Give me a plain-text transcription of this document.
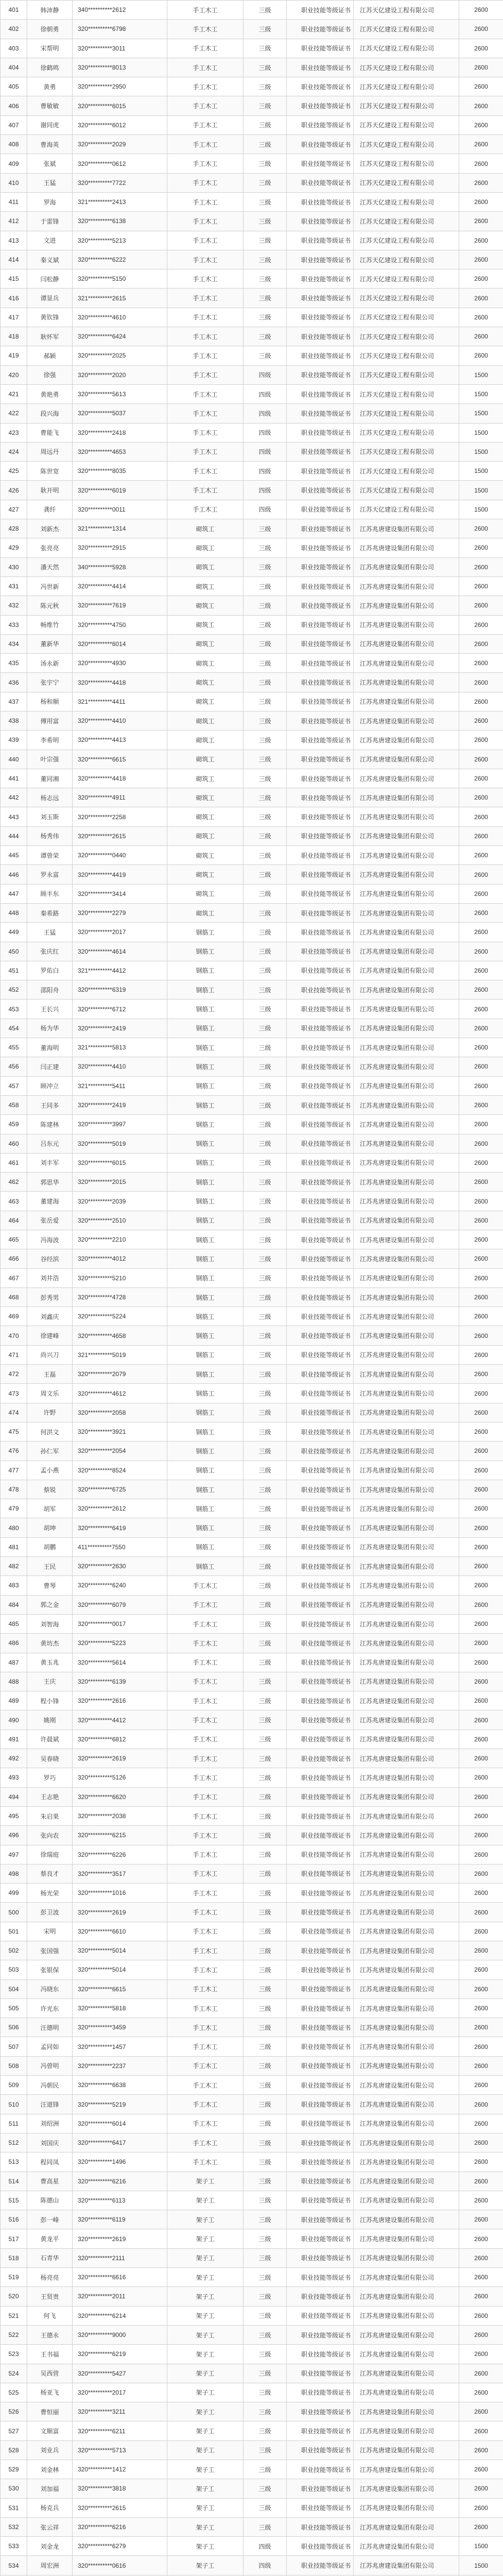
401	韩沛静	340**********2612	手工木工	三级	职业技能等级证书	江苏天亿建设工程有限公司	2600
402	徐朝勇	320**********6798	手工木工	三级	职业技能等级证书	江苏天亿建设工程有限公司	2600
403	宋帮明	320**********3011	手工木工	三级	职业技能等级证书	江苏天亿建设工程有限公司	2600
404	徐鹤鸣	320**********8013	手工木工	三级	职业技能等级证书	江苏天亿建设工程有限公司	2600
405	黄勇	320**********2950	手工木工	三级	职业技能等级证书	江苏天亿建设工程有限公司	2600
406	曹敏敏	320**********6015	手工木工	三级	职业技能等级证书	江苏天亿建设工程有限公司	2600
407	谢同虎	320**********6012	手工木工	三级	职业技能等级证书	江苏天亿建设工程有限公司	2600
408	曹海英	320**********2029	手工木工	三级	职业技能等级证书	江苏天亿建设工程有限公司	2600
409	张斌	320**********0612	手工木工	三级	职业技能等级证书	江苏天亿建设工程有限公司	2600
410	王猛	320**********7722	手工木工	三级	职业技能等级证书	江苏天亿建设工程有限公司	2600
411	罗海	321**********2413	手工木工	三级	职业技能等级证书	江苏天亿建设工程有限公司	2600
412	于雷锋	320**********6138	手工木工	三级	职业技能等级证书	江苏天亿建设工程有限公司	2600
413	文进	320**********5213	手工木工	三级	职业技能等级证书	江苏天亿建设工程有限公司	2600
414	秦义斌	320**********6222	手工木工	三级	职业技能等级证书	江苏天亿建设工程有限公司	2600
415	闫松静	320**********5150	手工木工	三级	职业技能等级证书	江苏天亿建设工程有限公司	2600
416	谭显兵	321**********2615	手工木工	三级	职业技能等级证书	江苏天亿建设工程有限公司	2600
417	黄钦锋	320**********4610	手工木工	三级	职业技能等级证书	江苏天亿建设工程有限公司	2600
418	耿怀军	320**********6424	手工木工	三级	职业技能等级证书	江苏天亿建设工程有限公司	2600
419	郝颖	320**********2025	手工木工	三级	职业技能等级证书	江苏天亿建设工程有限公司	2600
420	徐强	320**********2020	手工木工	四级	职业技能等级证书	江苏天亿建设工程有限公司	1500
421	黄艳勇	320**********5613	手工木工	四级	职业技能等级证书	江苏天亿建设工程有限公司	1500
422	段兴海	320**********5037	手工木工	四级	职业技能等级证书	江苏天亿建设工程有限公司	1500
423	曹能飞	320**********2418	手工木工	四级	职业技能等级证书	江苏天亿建设工程有限公司	1500
424	周远丹	320**********4653	手工木工	四级	职业技能等级证书	江苏天亿建设工程有限公司	1500
425	陈世宽	320**********8035	手工木工	四级	职业技能等级证书	江苏天亿建设工程有限公司	1500
426	耿开明	320**********6019	手工木工	四级	职业技能等级证书	江苏天亿建设工程有限公司	1500
427	龚纤	320**********0011	手工木工	四级	职业技能等级证书	江苏天亿建设工程有限公司	1500
428	刘新杰	321**********1314	砌筑工	三级	职业技能等级证书	江苏兆唐建设集团有限公司	2600
429	张亮亮	320**********2915	砌筑工	三级	职业技能等级证书	江苏兆唐建设集团有限公司	2600
430	潘天然	340**********5928	砌筑工	三级	职业技能等级证书	江苏兆唐建设集团有限公司	2600
431	冯世新	320**********4414	砌筑工	三级	职业技能等级证书	江苏兆唐建设集团有限公司	2600
432	陈元秋	320**********7619	砌筑工	三级	职业技能等级证书	江苏兆唐建设集团有限公司	2600
433	畅维竹	320**********4750	砌筑工	三级	职业技能等级证书	江苏兆唐建设集团有限公司	2600
434	董新华	320**********6014	砌筑工	三级	职业技能等级证书	江苏兆唐建设集团有限公司	2600
435	汤永新	320**********4930	砌筑工	三级	职业技能等级证书	江苏兆唐建设集团有限公司	2600
436	张宇宁	320**********4418	砌筑工	三级	职业技能等级证书	江苏兆唐建设集团有限公司	2600
437	杨和顺	321**********4411	砌筑工	三级	职业技能等级证书	江苏兆唐建设集团有限公司	2600
438	傅用富	320**********4410	砌筑工	三级	职业技能等级证书	江苏兆唐建设集团有限公司	2600
439	李希明	320**********4413	砌筑工	三级	职业技能等级证书	江苏兆唐建设集团有限公司	2600
440	叶宗强	320**********6615	砌筑工	三级	职业技能等级证书	江苏兆唐建设集团有限公司	2600
441	董同湘	320**********4418	砌筑工	三级	职业技能等级证书	江苏兆唐建设集团有限公司	2600
442	杨志远	320**********4911	砌筑工	三级	职业技能等级证书	江苏兆唐建设集团有限公司	2600
443	刘玉斯	320**********2258	砌筑工	三级	职业技能等级证书	江苏兆唐建设集团有限公司	2600
444	杨秀伟	320**********2615	砌筑工	三级	职业技能等级证书	江苏兆唐建设集团有限公司	2600
445	谭曾荣	320**********0440	砌筑工	三级	职业技能等级证书	江苏兆唐建设集团有限公司	2600
446	罗永富	320**********4419	砌筑工	三级	职业技能等级证书	江苏兆唐建设集团有限公司	2600
447	顾丰东	320**********3414	砌筑工	三级	职业技能等级证书	江苏兆唐建设集团有限公司	2600
448	秦希路	320**********2279	砌筑工	三级	职业技能等级证书	江苏兆唐建设集团有限公司	2600
449	王猛	320**********2017	钢筋工	三级	职业技能等级证书	江苏兆唐建设集团有限公司	2600
450	张庆红	320**********4614	钢筋工	三级	职业技能等级证书	江苏兆唐建设集团有限公司	2600
451	罗佑白	321**********4412	钢筋工	三级	职业技能等级证书	江苏兆唐建设集团有限公司	2600
452	邵阳舟	320**********6319	钢筋工	三级	职业技能等级证书	江苏兆唐建设集团有限公司	2600
453	王长兴	320**********6712	钢筋工	三级	职业技能等级证书	江苏兆唐建设集团有限公司	2600
454	杨为华	320**********2419	钢筋工	三级	职业技能等级证书	江苏兆唐建设集团有限公司	2600
455	董海明	321**********5813	钢筋工	三级	职业技能等级证书	江苏兆唐建设集团有限公司	2600
456	闫正建	320**********4410	钢筋工	三级	职业技能等级证书	江苏兆唐建设集团有限公司	2600
457	顾冲立	321**********5411	钢筋工	三级	职业技能等级证书	江苏兆唐建设集团有限公司	2600
458	王同多	320**********2419	钢筋工	三级	职业技能等级证书	江苏兆唐建设集团有限公司	2600
459	陈建林	320**********3997	钢筋工	三级	职业技能等级证书	江苏兆唐建设集团有限公司	2600
460	吕东元	320**********5019	钢筋工	三级	职业技能等级证书	江苏兆唐建设集团有限公司	2600
461	刘丰军	320**********6015	钢筋工	三级	职业技能等级证书	江苏兆唐建设集团有限公司	2600
462	郭思华	320**********2015	钢筋工	三级	职业技能等级证书	江苏兆唐建设集团有限公司	2600
463	董建海	320**********2039	钢筋工	三级	职业技能等级证书	江苏兆唐建设集团有限公司	2600
464	张岳爱	320**********2510	钢筋工	三级	职业技能等级证书	江苏兆唐建设集团有限公司	2600
465	冯海波	320**********2210	钢筋工	三级	职业技能等级证书	江苏兆唐建设集团有限公司	2600
466	谷经滨	320**********4012	钢筋工	三级	职业技能等级证书	江苏兆唐建设集团有限公司	2600
467	刘井浩	320**********5210	钢筋工	三级	职业技能等级证书	江苏兆唐建设集团有限公司	2600
468	彭秀男	320**********4728	钢筋工	三级	职业技能等级证书	江苏兆唐建设集团有限公司	2600
469	刘鑫庆	320**********5224	钢筋工	三级	职业技能等级证书	江苏兆唐建设集团有限公司	2600
470	徐建峰	320**********4658	钢筋工	三级	职业技能等级证书	江苏兆唐建设集团有限公司	2600
471	尚兴刀	321**********5019	钢筋工	三级	职业技能等级证书	江苏兆唐建设集团有限公司	2600
472	王磊	320**********2079	钢筋工	三级	职业技能等级证书	江苏兆唐建设集团有限公司	2600
473	周文乐	320**********4612	钢筋工	三级	职业技能等级证书	江苏兆唐建设集团有限公司	2600
474	许野	320**********2058	钢筋工	三级	职业技能等级证书	江苏兆唐建设集团有限公司	2600
475	何洪文	320**********3921	钢筋工	三级	职业技能等级证书	江苏兆唐建设集团有限公司	2600
476	孙仁军	320**********2054	钢筋工	三级	职业技能等级证书	江苏兆唐建设集团有限公司	2600
477	孟小燕	320**********8524	钢筋工	三级	职业技能等级证书	江苏兆唐建设集团有限公司	2600
478	蔡锐	320**********6725	钢筋工	三级	职业技能等级证书	江苏兆唐建设集团有限公司	2600
479	胡军	320**********2612	钢筋工	三级	职业技能等级证书	江苏兆唐建设集团有限公司	2600
480	胡坤	320**********6419	钢筋工	三级	职业技能等级证书	江苏兆唐建设集团有限公司	2600
481	胡鹏	411**********7550	钢筋工	三级	职业技能等级证书	江苏兆唐建设集团有限公司	2600
482	王民	320**********2630	钢筋工	三级	职业技能等级证书	江苏兆唐建设集团有限公司	2600
483	曹琴	320**********6240	手工木工	三级	职业技能等级证书	江苏兆唐建设集团有限公司	2600
484	郭之金	320**********6079	手工木工	三级	职业技能等级证书	江苏兆唐建设集团有限公司	2600
485	刘智海	320**********0017	手工木工	三级	职业技能等级证书	江苏兆唐建设集团有限公司	2600
486	黄坊杰	320**********5223	手工木工	三级	职业技能等级证书	江苏兆唐建设集团有限公司	2600
487	黄玉兆	320**********5614	手工木工	三级	职业技能等级证书	江苏兆唐建设集团有限公司	2600
488	王庆	320**********6139	手工木工	三级	职业技能等级证书	江苏兆唐建设集团有限公司	2600
489	程小锋	320**********2616	手工木工	三级	职业技能等级证书	江苏兆唐建设集团有限公司	2600
490	姚刚	320**********4412	手工木工	三级	职业技能等级证书	江苏兆唐建设集团有限公司	2600
491	许晨斌	320**********6812	手工木工	三级	职业技能等级证书	江苏兆唐建设集团有限公司	2600
492	吴春晓	320**********2619	手工木工	三级	职业技能等级证书	江苏兆唐建设集团有限公司	2600
493	罗巧	320**********5126	手工木工	三级	职业技能等级证书	江苏兆唐建设集团有限公司	2600
494	王志艳	320**********6620	手工木工	三级	职业技能等级证书	江苏兆唐建设集团有限公司	2600
495	朱启果	320**********2038	手工木工	三级	职业技能等级证书	江苏兆唐建设集团有限公司	2600
496	张向农	320**********6215	手工木工	三级	职业技能等级证书	江苏兆唐建设集团有限公司	2600
497	徐瑞庭	320**********6226	手工木工	三级	职业技能等级证书	江苏兆唐建设集团有限公司	2600
498	蔡良才	320**********3517	手工木工	三级	职业技能等级证书	江苏兆唐建设集团有限公司	2600
499	杨光荣	320**********1016	手工木工	三级	职业技能等级证书	江苏兆唐建设集团有限公司	2600
500	彭卫波	320**********2619	手工木工	三级	职业技能等级证书	江苏兆唐建设集团有限公司	2600
501	宋明	320**********6610	手工木工	三级	职业技能等级证书	江苏兆唐建设集团有限公司	2600
502	张国强	320**********5014	手工木工	三级	职业技能等级证书	江苏兆唐建设集团有限公司	2600
503	张银保	320**********5014	手工木工	三级	职业技能等级证书	江苏兆唐建设集团有限公司	2600
504	冯晓东	320**********6615	手工木工	三级	职业技能等级证书	江苏兆唐建设集团有限公司	2600
505	许光东	320**********5818	手工木工	三级	职业技能等级证书	江苏兆唐建设集团有限公司	2600
506	汪德明	320**********3459	手工木工	三级	职业技能等级证书	江苏兆唐建设集团有限公司	2600
507	孟同如	320**********1457	手工木工	三级	职业技能等级证书	江苏兆唐建设集团有限公司	2600
508	冯曾明	320**********2237	手工木工	三级	职业技能等级证书	江苏兆唐建设集团有限公司	2600
509	冯朝民	320**********6638	手工木工	三级	职业技能等级证书	江苏兆唐建设集团有限公司	2600
510	汪道锋	320**********5219	手工木工	三级	职业技能等级证书	江苏兆唐建设集团有限公司	2600
511	刘绍洲	320**********6014	手工木工	三级	职业技能等级证书	江苏兆唐建设集团有限公司	2600
512	刘国庆	320**********6417	手工木工	三级	职业技能等级证书	江苏兆唐建设集团有限公司	2600
513	程同凤	320**********1496	手工木工	三级	职业技能等级证书	江苏兆唐建设集团有限公司	2600
514	曹高星	320**********6216	架子工	三级	职业技能等级证书	江苏兆唐建设集团有限公司	2600
515	陈德山	320**********6113	架子工	三级	职业技能等级证书	江苏兆唐建设集团有限公司	2600
516	彭一峰	320**********6119	架子工	三级	职业技能等级证书	江苏兆唐建设集团有限公司	2600
517	黄龙平	320**********2619	架子工	三级	职业技能等级证书	江苏兆唐建设集团有限公司	2600
518	石青华	320**********2111	架子工	三级	职业技能等级证书	江苏兆唐建设集团有限公司	2600
519	杨亮亮	320**********6616	架子工	三级	职业技能等级证书	江苏兆唐建设集团有限公司	2600
520	王贤贵	320**********2011	架子工	三级	职业技能等级证书	江苏兆唐建设集团有限公司	2600
521	何飞	320**********6214	架子工	三级	职业技能等级证书	江苏兆唐建设集团有限公司	2600
522	王德永	320**********9000	架子工	三级	职业技能等级证书	江苏兆唐建设集团有限公司	2600
523	王书福	320**********6219	架子工	三级	职业技能等级证书	江苏兆唐建设集团有限公司	2600
524	吴西营	320**********5427	架子工	三级	职业技能等级证书	江苏兆唐建设集团有限公司	2600
525	杨亚飞	320**********2017	架子工	三级	职业技能等级证书	江苏兆唐建设集团有限公司	2600
526	曹恒丽	320**********3211	架子工	三级	职业技能等级证书	江苏兆唐建设集团有限公司	2600
527	文顺富	320**********6211	架子工	三级	职业技能等级证书	江苏兆唐建设集团有限公司	2600
528	刘业兵	320**********5713	架子工	三级	职业技能等级证书	江苏兆唐建设集团有限公司	2600
529	刘金林	320**********1412	架子工	三级	职业技能等级证书	江苏兆唐建设集团有限公司	2600
530	刘加福	320**********3818	架子工	三级	职业技能等级证书	江苏兆唐建设集团有限公司	2600
531	杨克兵	320**********2615	架子工	三级	职业技能等级证书	江苏兆唐建设集团有限公司	2600
532	张云祥	320**********6216	架子工	三级	职业技能等级证书	江苏兆唐建设集团有限公司	2600
533	刘金龙	320**********6279	架子工	四级	职业技能等级证书	江苏兆唐建设集团有限公司	1500
534	周宏洲	320**********0616	架子工	四级	职业技能等级证书	江苏兆唐建设集团有限公司	1500
